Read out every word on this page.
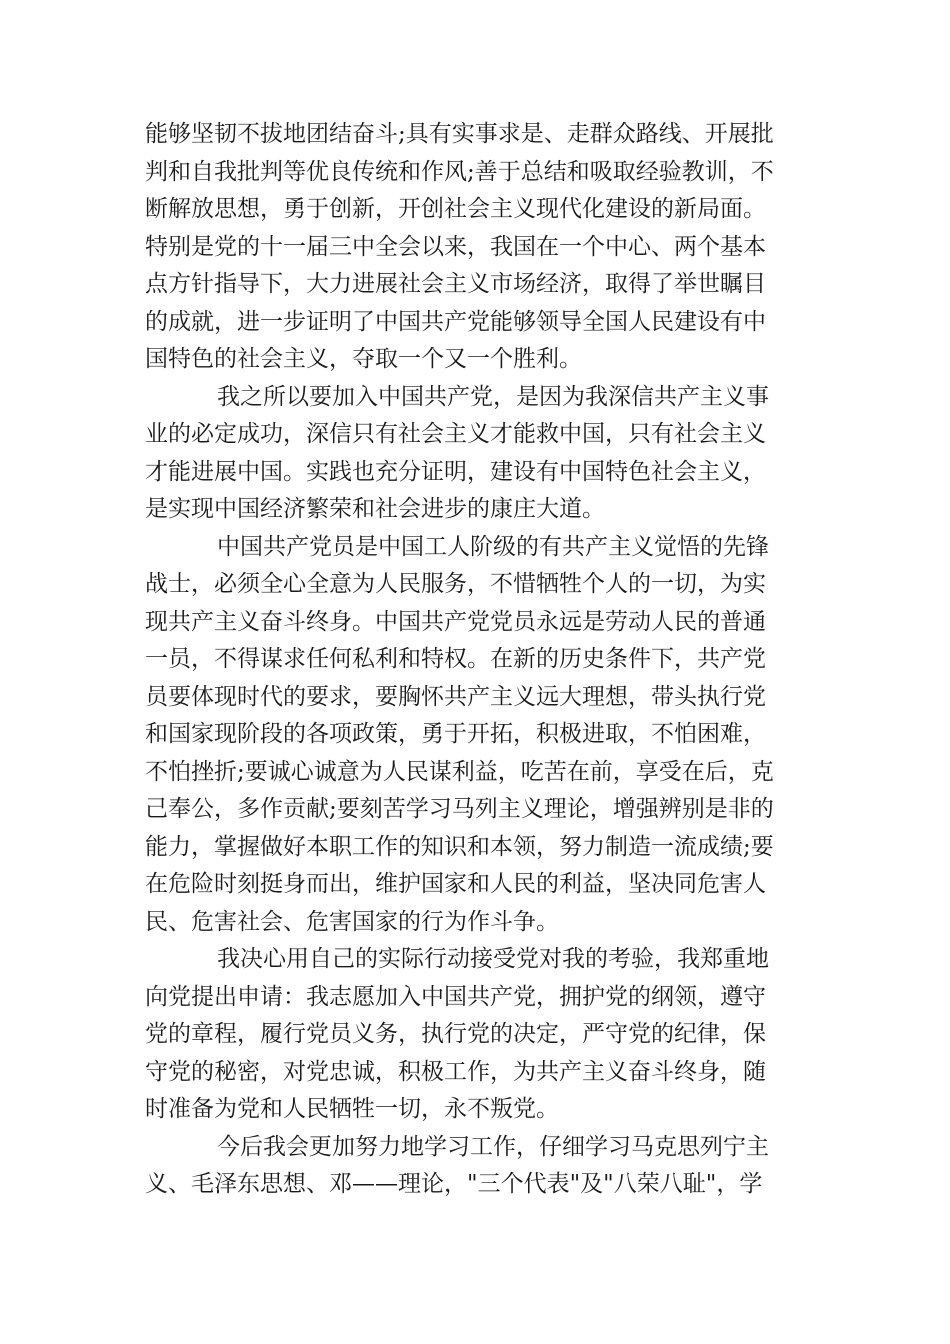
能够坚韧不拔地团结奋斗;具有实事求是、走群众路线、开展批
判和自我批判等优良传统和作风;善于总结和吸取经验教训，不
断解放思想，勇于创新，开创社会主义现代化建设的新局面。
特别是党的十一届三中全会以来，我国在一个中心、两个基本
点方针指导下，大力进展社会主义市场经济，取得了举世瞩目
的成就，进一步证明了中国共产党能够领导全国人民建设有中
国特色的社会主义，夺取一个又一个胜利。
我之所以要加入中国共产党，是因为我深信共产主义事
业的必定成功，深信只有社会主义才能救中国，只有社会主义
才能进展中国。实践也充分证明，建设有中国特色社会主义，
是实现中国经济繁荣和社会进步的康庄大道。
中国共产党员是中国工人阶级的有共产主义觉悟的先锋
战士，必须全心全意为人民服务，不惜牺牲个人的一切，为实
现共产主义奋斗终身。中国共产党党员永远是劳动人民的普通
一员，不得谋求任何私利和特权。在新的历史条件下，共产党
员要体现时代的要求，要胸怀共产主义远大理想，带头执行党
和国家现阶段的各项政策，勇于开拓，积极进取，不怕困难，
不怕挫折;要诚心诚意为人民谋利益，吃苦在前，享受在后，克
己奉公，多作贡献;要刻苦学习马列主义理论，增强辨别是非的
能力，掌握做好本职工作的知识和本领，努力制造一流成绩;要
在危险时刻挺身而出，维护国家和人民的利益，坚决同危害人
民、危害社会、危害国家的行为作斗争。
我决心用自己的实际行动接受党对我的考验，我郑重地
向党提出申请：我志愿加入中国共产党，拥护党的纲领，遵守
党的章程，履行党员义务，执行党的决定，严守党的纪律，保
守党的秘密，对党忠诚，积极工作，为共产主义奋斗终身，随
时准备为党和人民牺牲一切，永不叛党。
今后我会更加努力地学习工作，仔细学习马克思列宁主
义、毛泽东思想、邓——理论，"三个代表"及"八荣八耻"，学
